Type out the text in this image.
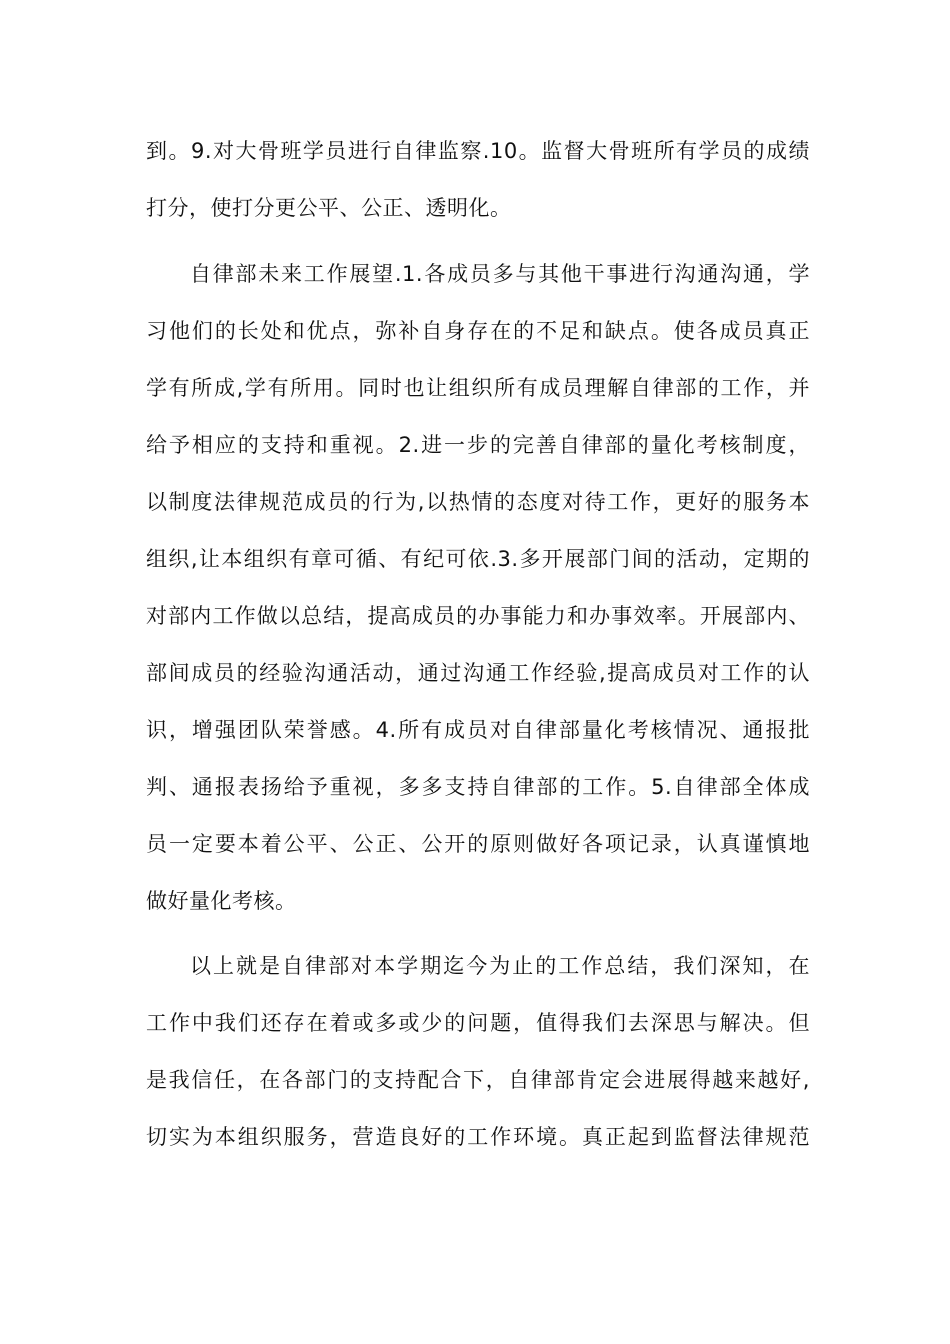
到。9.对大骨班学员进行自律监察.10。监督大骨班所有学员的成绩
打分，使打分更公平、公正、透明化。
自律部未来工作展望.1.各成员多与其他干事进行沟通沟通，学
习他们的长处和优点，弥补自身存在的不足和缺点。使各成员真正
学有所成,学有所用。同时也让组织所有成员理解自律部的工作，并
给予相应的支持和重视。2.进一步的完善自律部的量化考核制度，
以制度法律规范成员的行为,以热情的态度对待工作，更好的服务本
组织,让本组织有章可循、有纪可依.3.多开展部门间的活动，定期的
对部内工作做以总结，提高成员的办事能力和办事效率。开展部内、
部间成员的经验沟通活动，通过沟通工作经验,提高成员对工作的认
识，增强团队荣誉感。4.所有成员对自律部量化考核情况、通报批
判、通报表扬给予重视，多多支持自律部的工作。5.自律部全体成
员一定要本着公平、公正、公开的原则做好各项记录，认真谨慎地
做好量化考核。
以上就是自律部对本学期迄今为止的工作总结，我们深知，在
工作中我们还存在着或多或少的问题，值得我们去深思与解决。但
是我信任，在各部门的支持配合下，自律部肯定会进展得越来越好,
切实为本组织服务，营造良好的工作环境。真正起到监督法律规范
